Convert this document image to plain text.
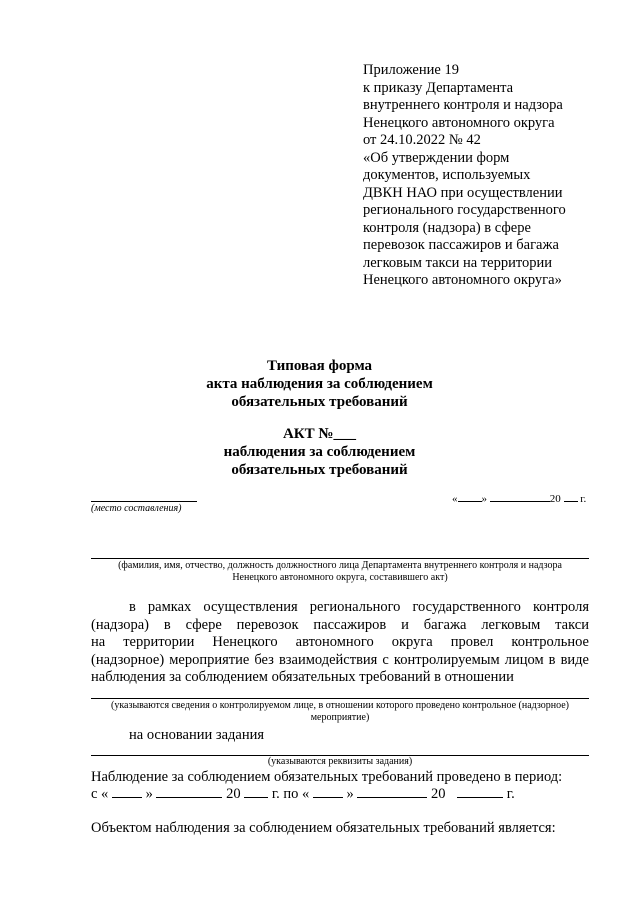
Приложение 19
к приказу Департамента
внутреннего контроля и надзора
Ненецкого автономного округа
от 24.10.2022 № 42
«Об утверждении форм
документов, используемых
ДВКН НАО при осуществлении
регионального государственного
контроля (надзора) в сфере
перевозок пассажиров и багажа
легковым такси на территории
Ненецкого автономного округа»
Типовая форма
акта наблюдения за соблюдением
обязательных требований
АКТ №___
наблюдения за соблюдением
обязательных требований
(место составления)
« »	20 г.
(фамилия, имя, отчество, должность должностного лица Департамента внутреннего контроля и надзора
Ненецкого автономного округа, составившего акт)
в рамках осуществления регионального государственного контроля
(надзора) в сфере перевозок пассажиров и багажа легковым такси
на территории Ненецкого автономного округа провел контрольное
(надзорное) мероприятие без взаимодействия с контролируемым лицом в виде
наблюдения за соблюдением обязательных требований в отношении
(указываются сведения о контролируемом лице, в отношении которого проведено контрольное (надзорное)
мероприятие)
на основании задания
(указываются реквизиты задания)
Наблюдение за соблюдением обязательных требований проведено в период:
с «	»	20 г. по «	»	20	г.
Объектом наблюдения за соблюдением обязательных требований является:
